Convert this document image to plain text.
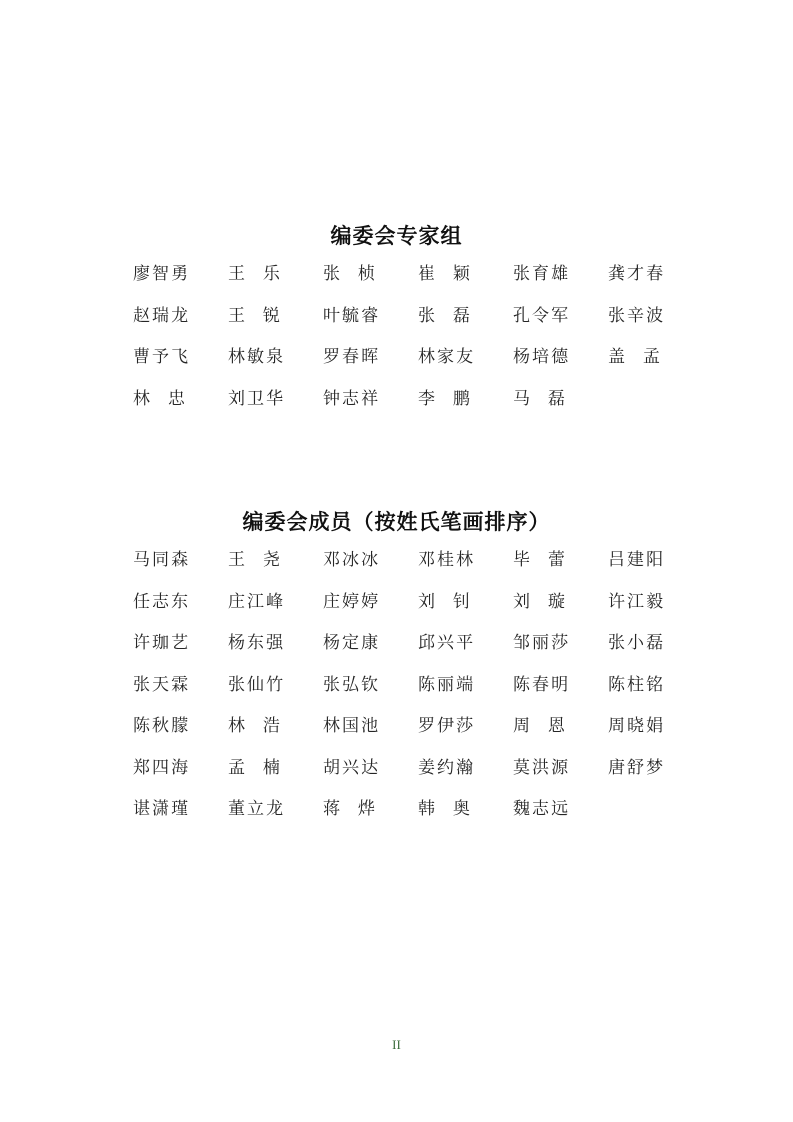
编委会专家组
廖智勇	王乐	张桢	崔颖	张育雄	龚才春
赵瑞龙	王锐	叶毓睿	张磊	孔令军	张辛波
曹予飞	林敏泉	罗春晖	林家友	杨培德	盖孟
林忠	刘卫华	钟志祥	李鹏	马磊
编委会成员（按姓氏笔画排序）
马同森	王尧	邓冰冰	邓桂林	毕蕾	吕建阳
任志东	庄江峰	庄婷婷	刘钊	刘璇	许江毅
许珈艺	杨东强	杨定康	邱兴平	邹丽莎	张小磊
张天霖	张仙竹	张弘钦	陈丽端	陈春明	陈柱铭
陈秋朦	林浩	林国池	罗伊莎	周恩	周晓娟
郑四海	孟楠	胡兴达	姜约瀚	莫洪源	唐舒梦
谌潇瑾	董立龙	蒋烨	韩奥	魏志远
II
